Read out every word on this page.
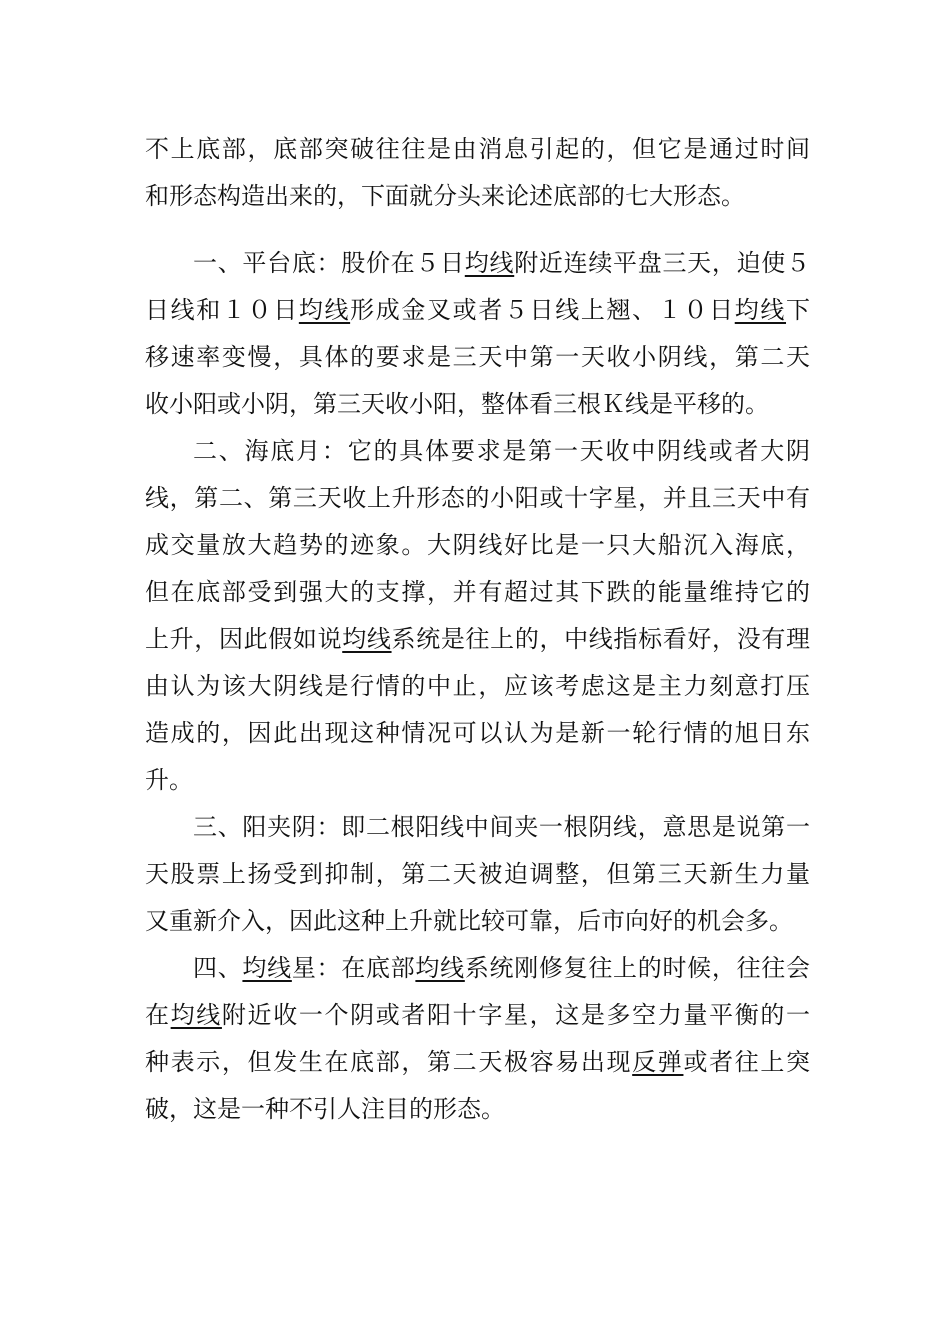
不上底部，底部突破往往是由消息引起的，但它是通过时间
和形态构造出来的，下面就分头来论述底部的七大形态。
一、平台底：股价在５日均线附近连续平盘三天，迫使５
日线和１０日均线形成金叉或者５日线上翘、１０日均线下
移速率变慢，具体的要求是三天中第一天收小阴线，第二天
收小阳或小阴，第三天收小阳，整体看三根Ｋ线是平移的。
二、海底月：它的具体要求是第一天收中阴线或者大阴
线，第二、第三天收上升形态的小阳或十字星，并且三天中有
成交量放大趋势的迹象。大阴线好比是一只大船沉入海底，
但在底部受到强大的支撑，并有超过其下跌的能量维持它的
上升，因此假如说均线系统是往上的，中线指标看好，没有理
由认为该大阴线是行情的中止，应该考虑这是主力刻意打压
造成的，因此出现这种情况可以认为是新一轮行情的旭日东
升。
三、阳夹阴：即二根阳线中间夹一根阴线，意思是说第一
天股票上扬受到抑制，第二天被迫调整，但第三天新生力量
又重新介入，因此这种上升就比较可靠，后市向好的机会多。
四、均线星：在底部均线系统刚修复往上的时候，往往会
在均线附近收一个阴或者阳十字星，这是多空力量平衡的一
种表示，但发生在底部，第二天极容易出现反弹或者往上突
破，这是一种不引人注目的形态。
